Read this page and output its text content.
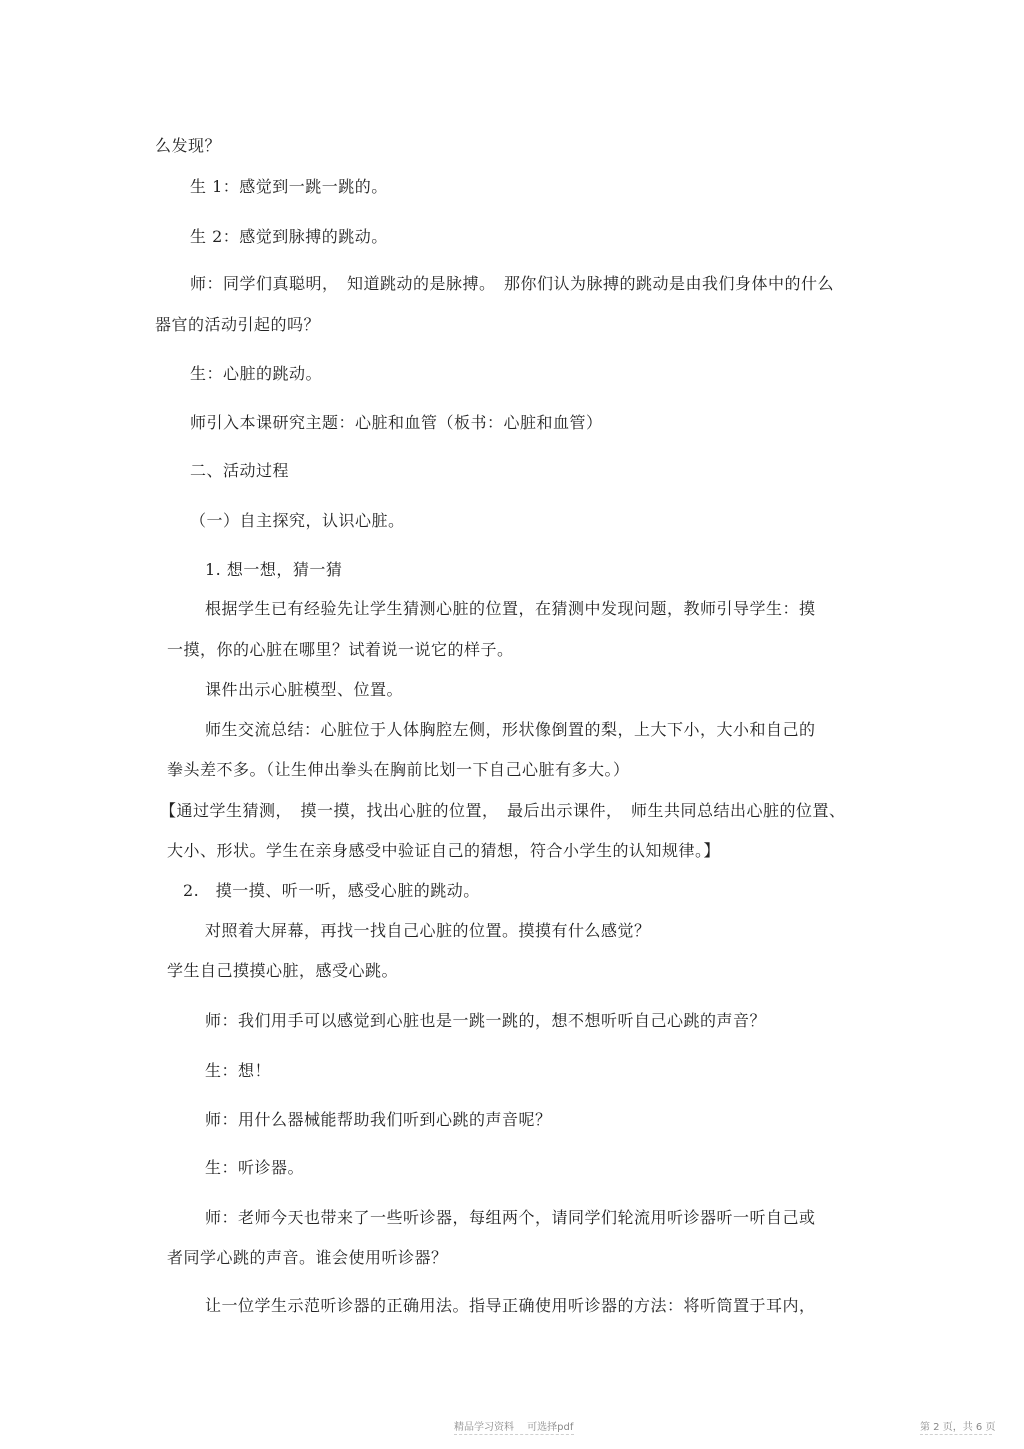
么发现？
生 1：感觉到一跳一跳的。
生 2：感觉到脉搏的跳动。
师：同学们真聪明，　知道跳动的是脉搏。　那你们认为脉搏的跳动是由我们身体中的什么
器官的活动引起的吗？
生：心脏的跳动。
师引入本课研究主题：心脏和血管（板书：心脏和血管）
二、活动过程
（一）自主探究，认识心脏。
1. 想一想，猜一猜
根据学生已有经验先让学生猜测心脏的位置，在猜测中发现问题，教师引导学生：摸
一摸，你的心脏在哪里？试着说一说它的样子。
课件出示心脏模型、位置。
师生交流总结：心脏位于人体胸腔左侧，形状像倒置的梨，上大下小，大小和自己的
拳头差不多。（让生伸出拳头在胸前比划一下自己心脏有多大。）
【通过学生猜测，　摸一摸，找出心脏的位置，　最后出示课件，　师生共同总结出心脏的位置、
大小、形状。学生在亲身感受中验证自己的猜想，符合小学生的认知规律。】
2.　摸一摸、听一听，感受心脏的跳动。
对照着大屏幕，再找一找自己心脏的位置。摸摸有什么感觉？
学生自己摸摸心脏，感受心跳。
师：我们用手可以感觉到心脏也是一跳一跳的，想不想听听自己心跳的声音？
生：想！
师：用什么器械能帮助我们听到心跳的声音呢？
生：听诊器。
师：老师今天也带来了一些听诊器，每组两个，请同学们轮流用听诊器听一听自己或
者同学心跳的声音。谁会使用听诊器？
让一位学生示范听诊器的正确用法。指导正确使用听诊器的方法：将听筒置于耳内，
精品学习资料　 可选择pdf	第 2 页，共 6 页
